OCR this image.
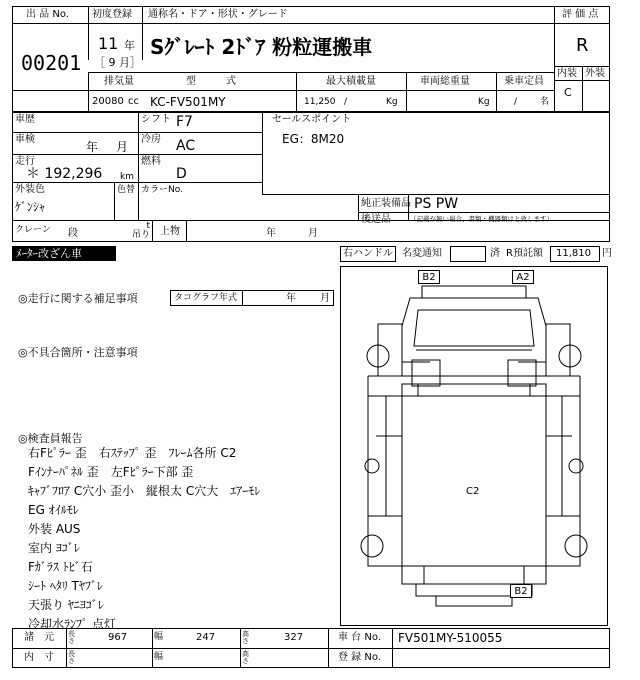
出 品 No.
00201
初度登録 通称名・ドア・形状・グレード
11 年
［ 9 月］
Sｸﾞﾚｰﾄ 2ﾄﾞｱ 粉粒運搬車
評 価 点
R
内装 外装
C
排気量	型　　　式	最大積載量	車両総重量	乗車定員
20080 cc KC-FV501MY	11,250 /	Kg	Kg	/	名
車歴	シフト F7	セールスポイント
EG：8M20
車検
年 月
冷房 AC
走行
＊ 192,296 km
燃料
D
外装色
ｹﾞﾝｼｬ
色替 カラーNo.
純正装備品 PS PW
後送品	（記載が無い場合、書類・機器類はと致します）
クレーン 段
t
吊り 上物	年	月
ﾒｰﾀｰ改ざん車	右ハンドル 名変通知	済 R預託額 11,810 円
◎走行に関する補足事項	タコグラフ年式	年 月
◎不具合箇所・注意事項
◎検査員報告
右Fﾋﾟﾗｰ 歪　右ｽﾃｯﾌﾟ 歪　ﾌﾚｰﾑ各所 C2
Fｲﾝﾅｰﾊﾟﾈﾙ 歪　左Fﾋﾟﾗｰ下部 歪
ｷｬﾌﾞﾌﾛｱ C穴小 歪小　縦根太 C穴大　ｴｱｰﾓﾚ
EG ｵｲﾙﾓﾚ
外装 AUS
室内 ﾖｺﾞﾚ
Fｶﾞﾗｽ ﾄﾋﾞ石
ｼｰﾄ ﾍﾀﾘ Tﾔﾌﾞﾚ
天張り ﾔﾆﾖｺﾞﾚ
冷却水ﾗﾝﾌﾟ 点灯
B2	A2
C2
B2
諸　元 長さ	967	幅	247	高さ	327	車 台 No. FV501MY-510055
内　寸 長さ	幅	高さ	登 録 No.
